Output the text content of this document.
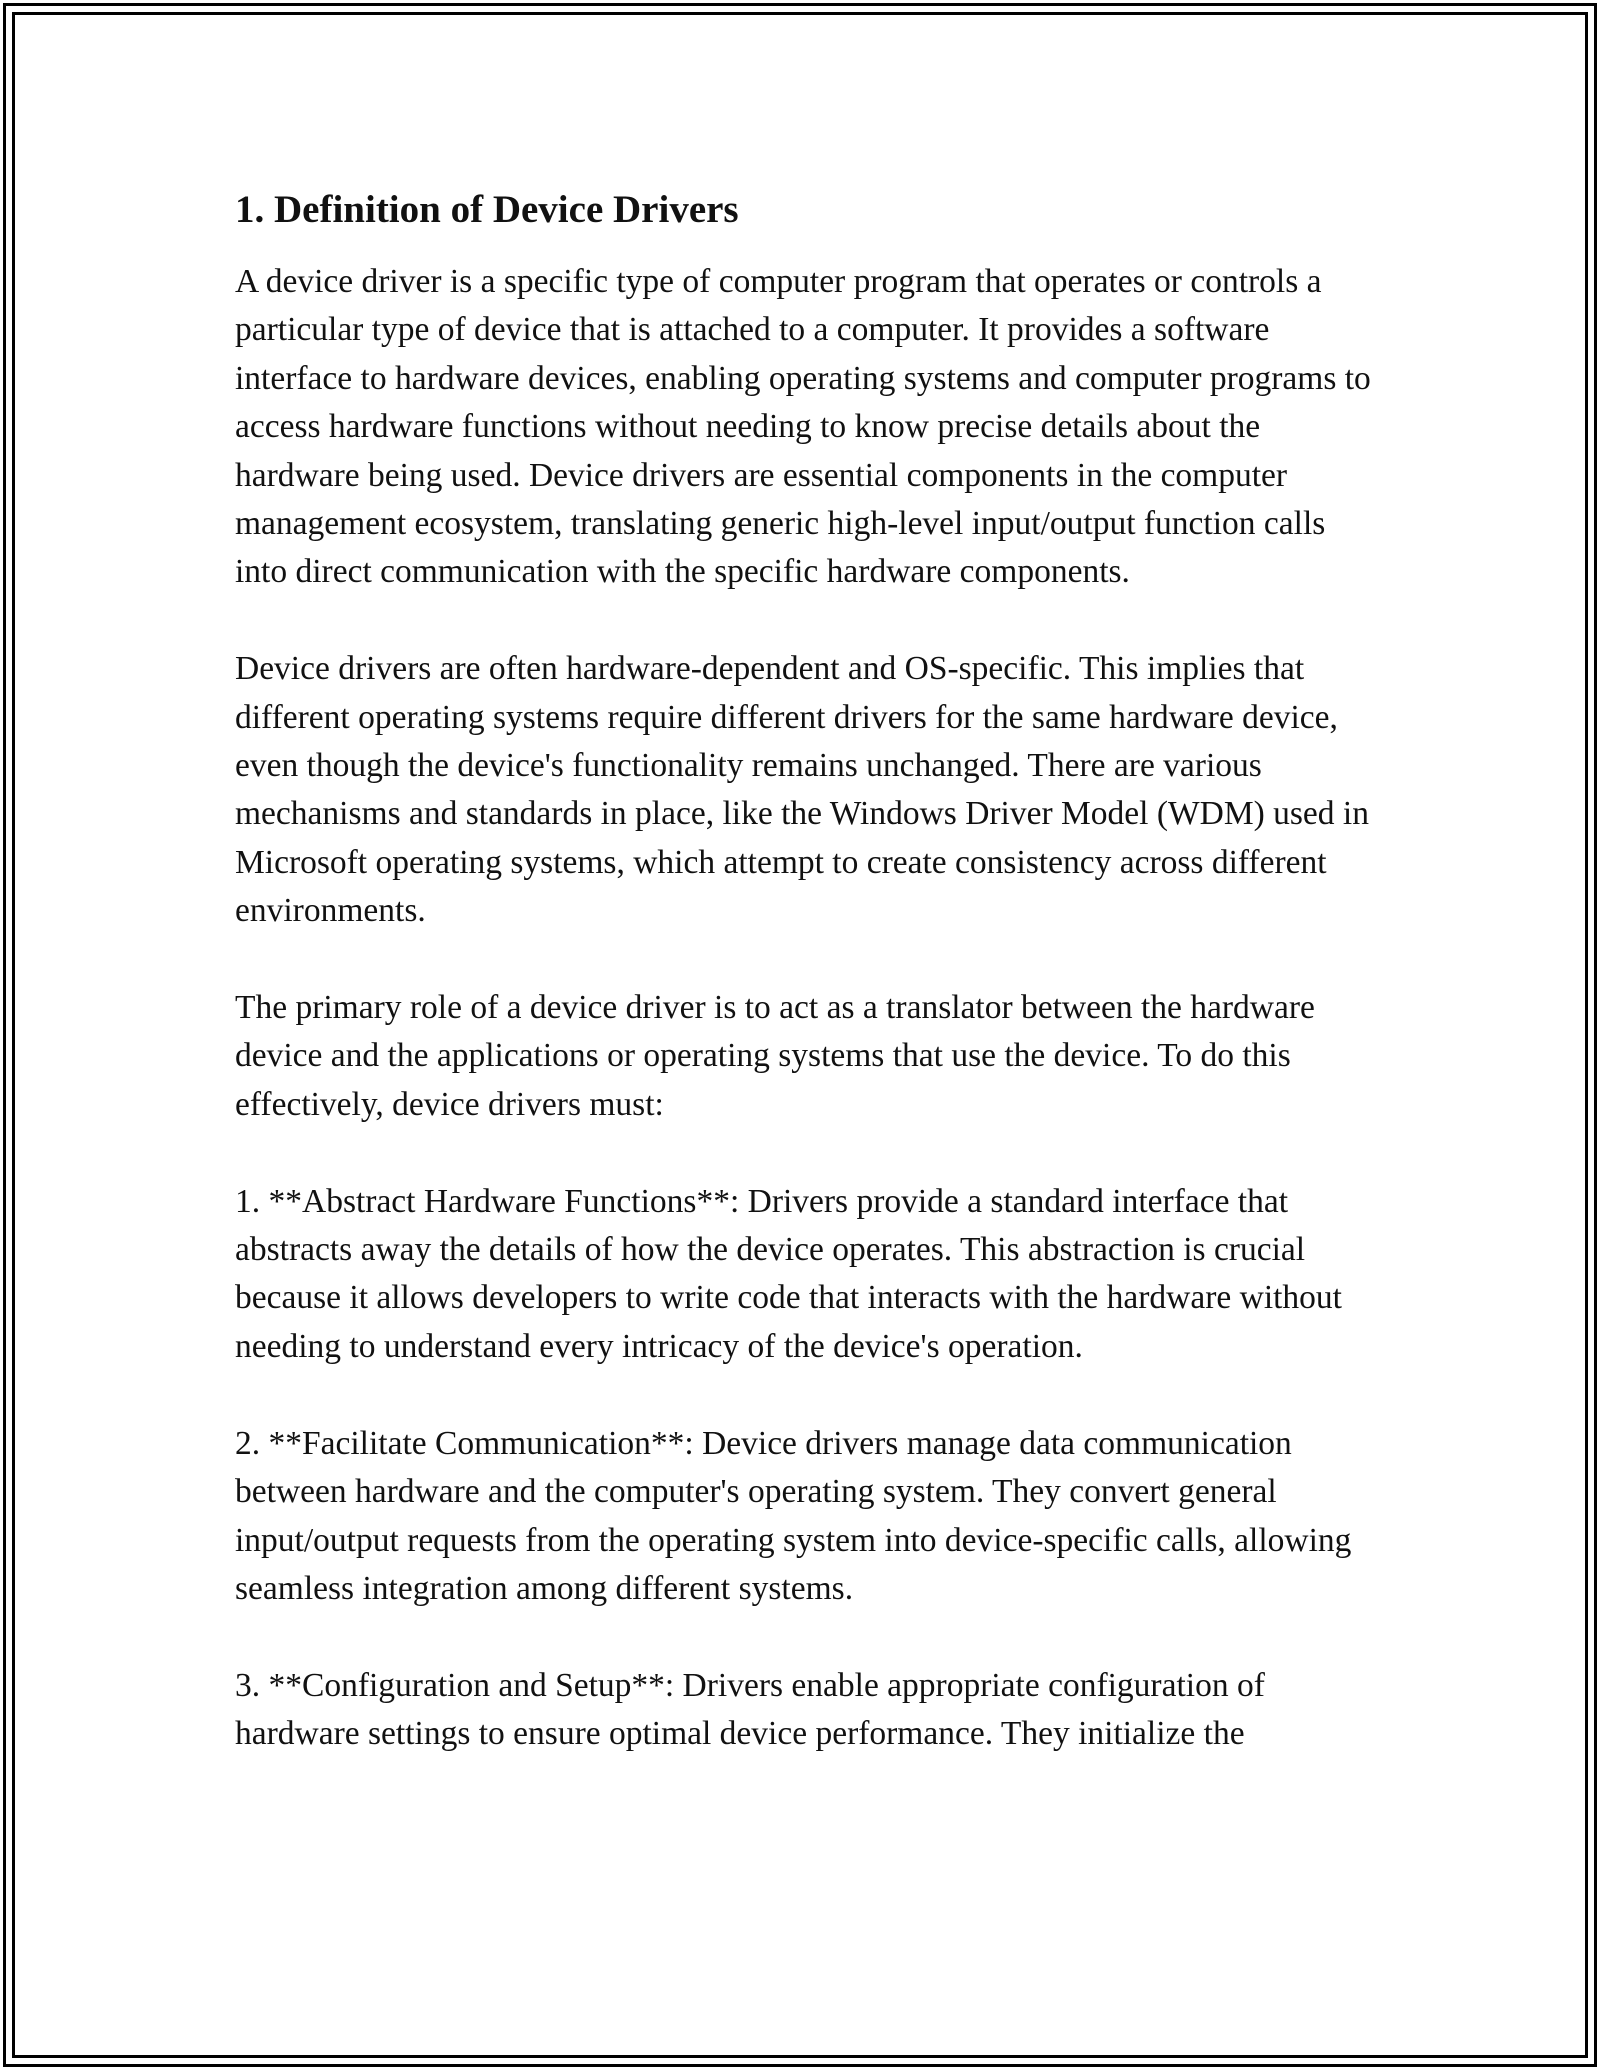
1. Definition of Device Drivers

A device driver is a specific type of computer program that operates or controls a particular type of device that is attached to a computer. It provides a software interface to hardware devices, enabling operating systems and computer programs to access hardware functions without needing to know precise details about the hardware being used. Device drivers are essential components in the computer management ecosystem, translating generic high-level input/output function calls into direct communication with the specific hardware components.

Device drivers are often hardware-dependent and OS-specific. This implies that different operating systems require different drivers for the same hardware device, even though the device's functionality remains unchanged. There are various mechanisms and standards in place, like the Windows Driver Model (WDM) used in Microsoft operating systems, which attempt to create consistency across different environments.

The primary role of a device driver is to act as a translator between the hardware device and the applications or operating systems that use the device. To do this effectively, device drivers must:

1. **Abstract Hardware Functions**: Drivers provide a standard interface that abstracts away the details of how the device operates. This abstraction is crucial because it allows developers to write code that interacts with the hardware without needing to understand every intricacy of the device's operation.

2. **Facilitate Communication**: Device drivers manage data communication between hardware and the computer's operating system. They convert general input/output requests from the operating system into device-specific calls, allowing seamless integration among different systems.

3. **Configuration and Setup**: Drivers enable appropriate configuration of hardware settings to ensure optimal device performance. They initialize the
